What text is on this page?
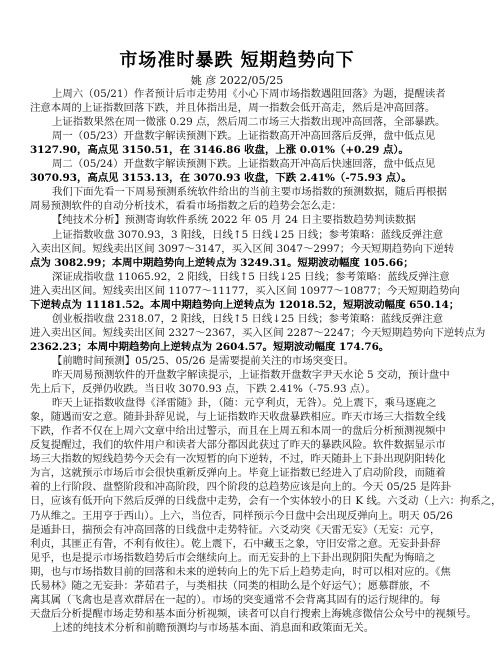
市场准时暴跌 短期趋势向下
姚 彦 2022/05/25
上周六（05/21）作者预计后市走势用《小心下周市场指数遇阻回落》为题，提醒读者
注意本周的上证指数回落下跌，并且体指出是，周一指数会低开高走，然后是冲高回落。
上证指数果然在周一微涨 0.29 点，然后周二市场三大指数出现冲高回落，全部暴跌。
周一（05/23）开盘数字解读预测下跌。上证指数高开冲高回落后反弹，盘中低点见
3127.90，高点见 3150.51，在 3146.86 收盘，上涨 0.01%（+0.29 点）。
周二（05/24）开盘数字解读预测下跌。上证指数高开冲高后快速回落，盘中低点见
3070.93，高点见 3153.13，在 3070.93 收盘，下跌 2.41%（-75.93 点）。
我们下面先看一下周易预测系统软件给出的当前主要市场指数的预测数据，随后再根据
周易预测软件的自动分析技术，看看市场指数之后的趋势会怎么走：
【纯技术分析】预测寄询软件系统 2022 年 05 月 24 日主要指数趋势判读数据
上证指数收盘 3070.93，3 阳线，日线↑5 日线↓25 日线；参考策略：蓝线反弹注意
入卖出区间。短线卖出区间 3097～3147，买入区间 3047～2997；今天短期趋势向下逆转
点为 3082.99；本周中期趋势向上逆转点为 3249.31。短期波动幅度 105.66；
深证成指收盘 11065.92，2 阳线，日线↑5 日线↓25 日线；参考策略：蓝线反弹注意
进入卖出区间。短线卖出区间 11077～11177，买入区间 10977～10877；今天短期趋势向
下逆转点为 11181.52。本周中期趋势向上逆转点为 12018.52，短期波动幅度 650.14；
创业板指收盘 2318.07，2 阳线，日线↑5 日线↓25 日线；参考策略：蓝线反弹注意
进入卖出区间。短线卖出区间 2327～2367，买入区间 2287～2247；今天短期趋势向下逆转点为
2362.23；本周中期趋势向上逆转点为 2604.57。短期波动幅度 174.76。
【前瞻时间预测】05/25、05/26 是需要提前关注的市场突变日。
昨天周易预测软件的开盘数字解读提示，上证指数开盘数字尹天水论 5 交动，预计盘中
先上后下，反弹仍收跌。当日收 3070.93 点，下跌 2.41%（-75.93 点）。
昨天上证指数收盘得《泽雷随》卦，（随：元亨利贞，无咎）。兑上震下，乘马逐鹿之
象，随遇而安之意。随卦卦辞见说，与上证指数昨天收盘暴跌相应。昨天市场三大指数全线
下跌，作者不仅在上周六文章中给出过警示，而且在上周五和本周一的盘后分析预测视频中
反复提醒过，我们的软件用户和读者大部分都因此获过了昨天的暴跌风险。软件数据显示市
场三大指数的短线趋势今天会有一次短暂的向下逆转，不过，昨天随卦上下卦出现阴阳转化
为言，这就预示市场后市会很快重新反弹向上。毕竟上证指数已经进入了启动阶段，而随着
着的上行阶段、盘整阶段和冲高阶段，四个阶段的总趋势应该是向上的。今天 05/25 是阵卦
日，应该有低开向下然后反弹的日线盘中走势，会有一个实体较小的日 K 线。六爻动（上六：拘系之，
乃从维之。王用亨于西山）。上六，当位否，同样预示今日盘中会出现反弹向上。明天 05/26
是遁卦日，揣预会有冲高回落的日线盘中走势特征。六爻动突《天雷无妄》（无妄：元亨，
利贞，其匪正有眚，不利有攸往）。乾上震下，石中藏玉之象，守旧安常之意。无妄卦卦辞
见乎，也是提示市场指数趋势后市会继续向上。而无妄卦的上下卦出现阴阳失配为悔暗之
期，也与市场指数目前的回落和未来的逆转向上的先下后上趋势走向，时可以相对应的。《焦
氏易林》随之无妄卦：茅茹君子，与类相扶（同类的相助么是个好运气）；愿慕群旅，不
离其属（飞禽也是喜欢群居在一起的）。市场的突变通常不会背离其固有的运行规律的。每
天盘后分析提醒市场走势和基本面分析视频，读者可以自行搜索上海姚彦微信公众号中的视频号。
上述的纯技术分析和前瞻预测均与市场基本面、消息面和政策面无关。
